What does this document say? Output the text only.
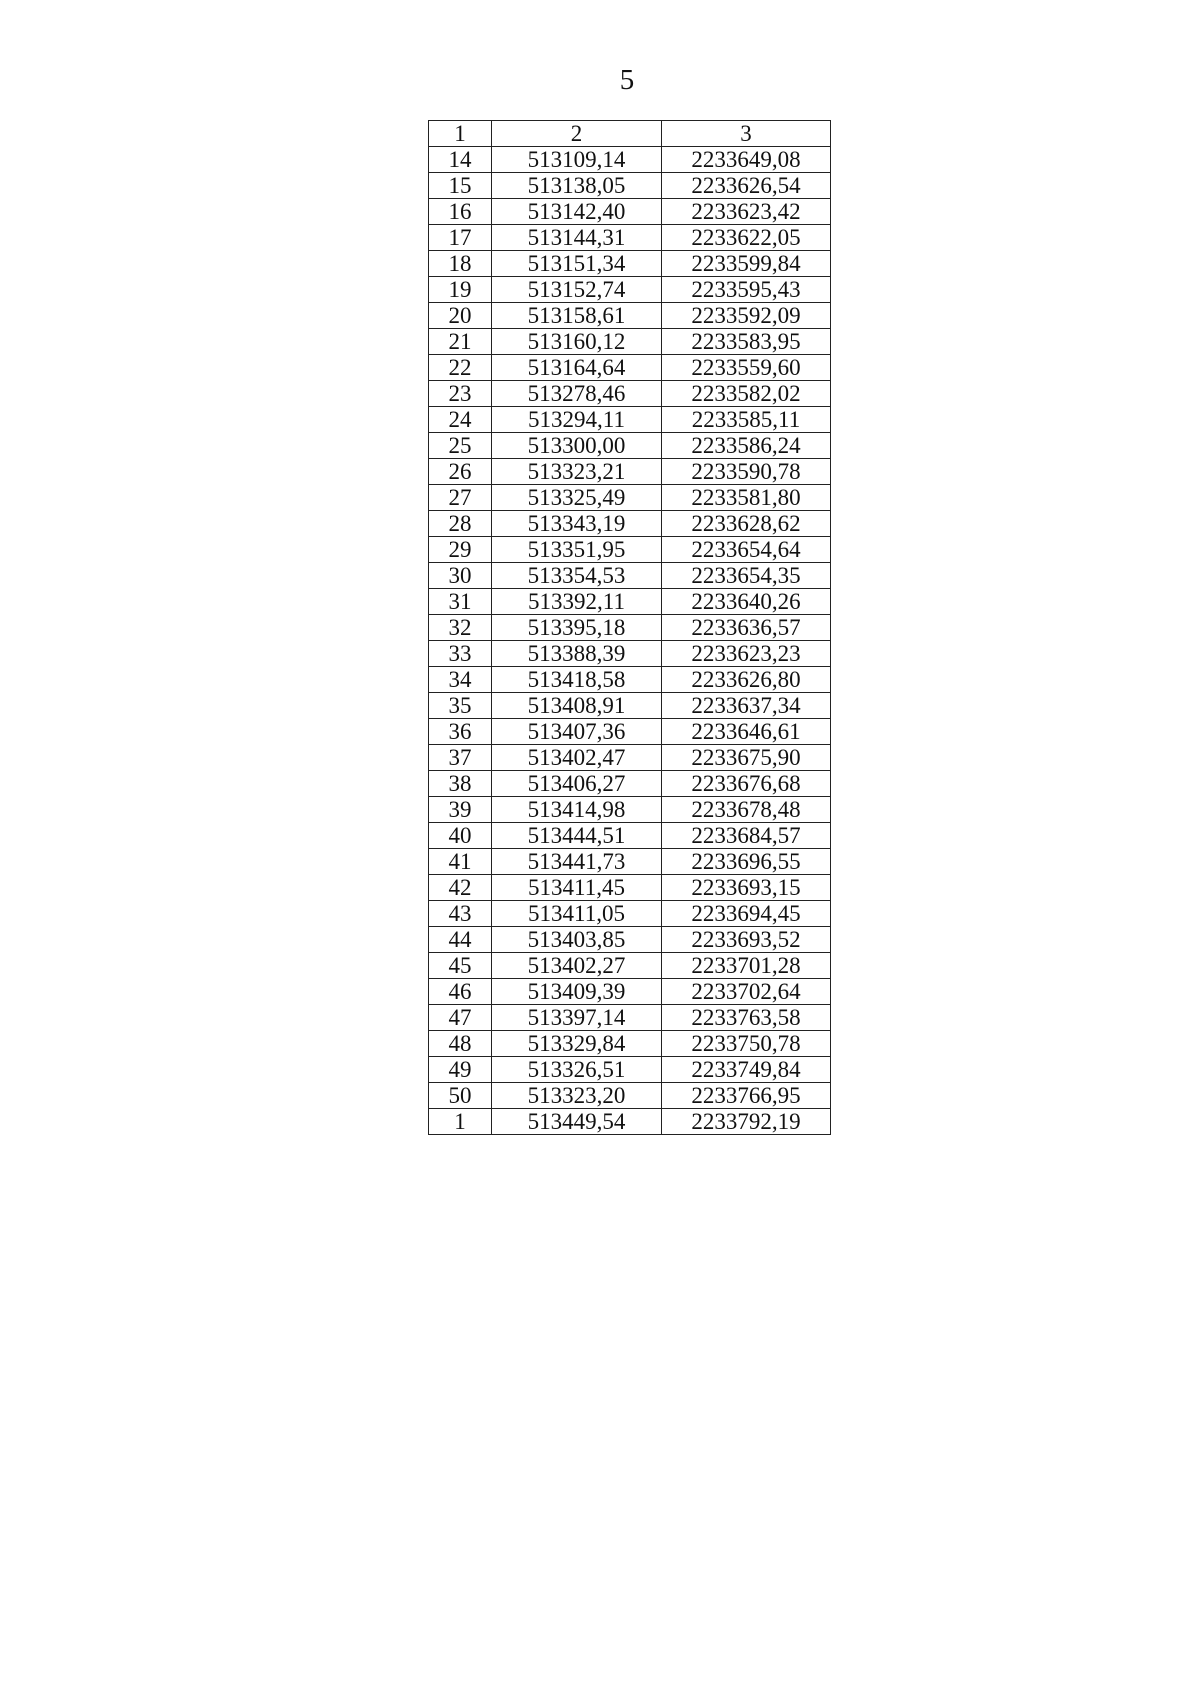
5
1	2	3
14	513109,14	2233649,08
15	513138,05	2233626,54
16	513142,40	2233623,42
17	513144,31	2233622,05
18	513151,34	2233599,84
19	513152,74	2233595,43
20	513158,61	2233592,09
21	513160,12	2233583,95
22	513164,64	2233559,60
23	513278,46	2233582,02
24	513294,11	2233585,11
25	513300,00	2233586,24
26	513323,21	2233590,78
27	513325,49	2233581,80
28	513343,19	2233628,62
29	513351,95	2233654,64
30	513354,53	2233654,35
31	513392,11	2233640,26
32	513395,18	2233636,57
33	513388,39	2233623,23
34	513418,58	2233626,80
35	513408,91	2233637,34
36	513407,36	2233646,61
37	513402,47	2233675,90
38	513406,27	2233676,68
39	513414,98	2233678,48
40	513444,51	2233684,57
41	513441,73	2233696,55
42	513411,45	2233693,15
43	513411,05	2233694,45
44	513403,85	2233693,52
45	513402,27	2233701,28
46	513409,39	2233702,64
47	513397,14	2233763,58
48	513329,84	2233750,78
49	513326,51	2233749,84
50	513323,20	2233766,95
1	513449,54	2233792,19
